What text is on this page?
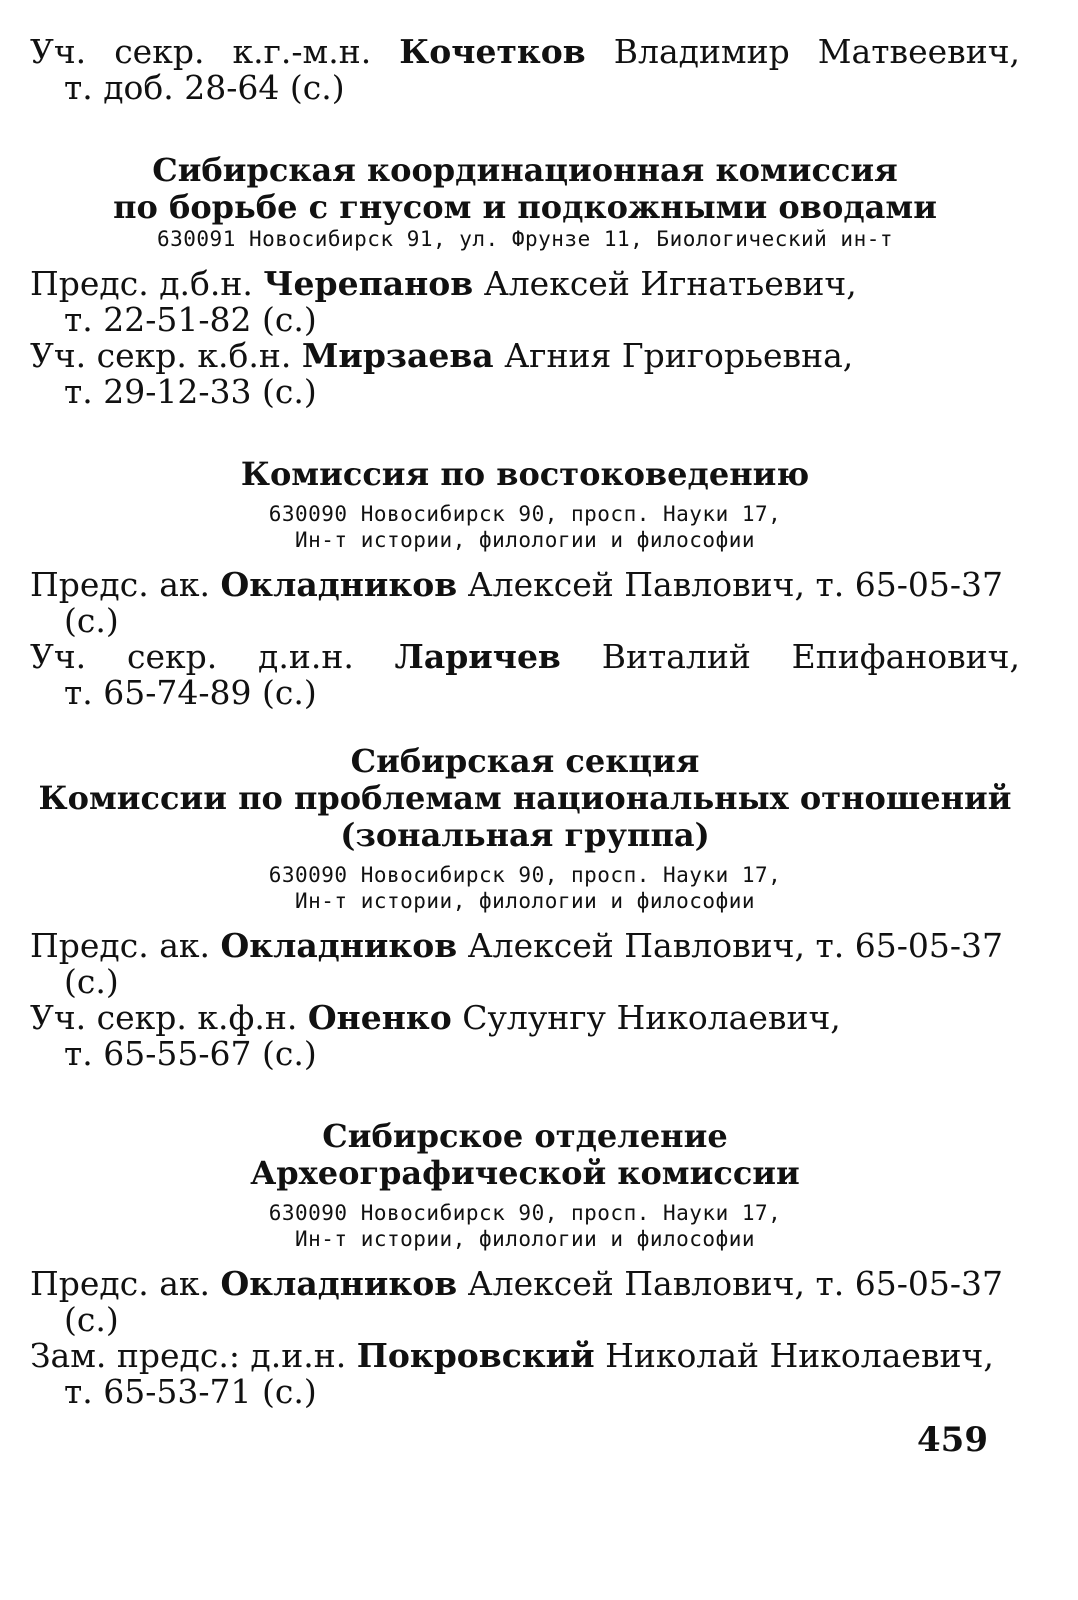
Уч. секр. к.г.-м.н. Кочетков Владимир Матвеевич,
т. доб. 28-64 (с.)
Сибирская координационная комиссия
по борьбе с гнусом и подкожными оводами
630091 Новосибирск 91, ул. Фрунзе 11, Биологический ин-т
Предс. д.б.н. Черепанов Алексей Игнатьевич,
т. 22-51-82 (с.)
Уч. секр. к.б.н. Мирзаева Агния Григорьевна,
т. 29-12-33 (с.)
Комиссия по востоковедению
630090 Новосибирск 90, просп. Науки 17,
Ин-т истории, филологии и философии
Предс. ак. Окладников Алексей Павлович, т. 65-05-37
(с.)
Уч. секр. д.и.н. Ларичев Виталий Епифанович,
т. 65-74-89 (с.)
Сибирская секция
Комиссии по проблемам национальных отношений
(зональная группа)
630090 Новосибирск 90, просп. Науки 17,
Ин-т истории, филологии и философии
Предс. ак. Окладников Алексей Павлович, т. 65-05-37
(с.)
Уч. секр. к.ф.н. Оненко Сулунгу Николаевич,
т. 65-55-67 (с.)
Сибирское отделение
Археографической комиссии
630090 Новосибирск 90, просп. Науки 17,
Ин-т истории, филологии и философии
Предс. ак. Окладников Алексей Павлович, т. 65-05-37
(с.)
Зам. предс.: д.и.н. Покровский Николай Николаевич,
т. 65-53-71 (с.)
459
